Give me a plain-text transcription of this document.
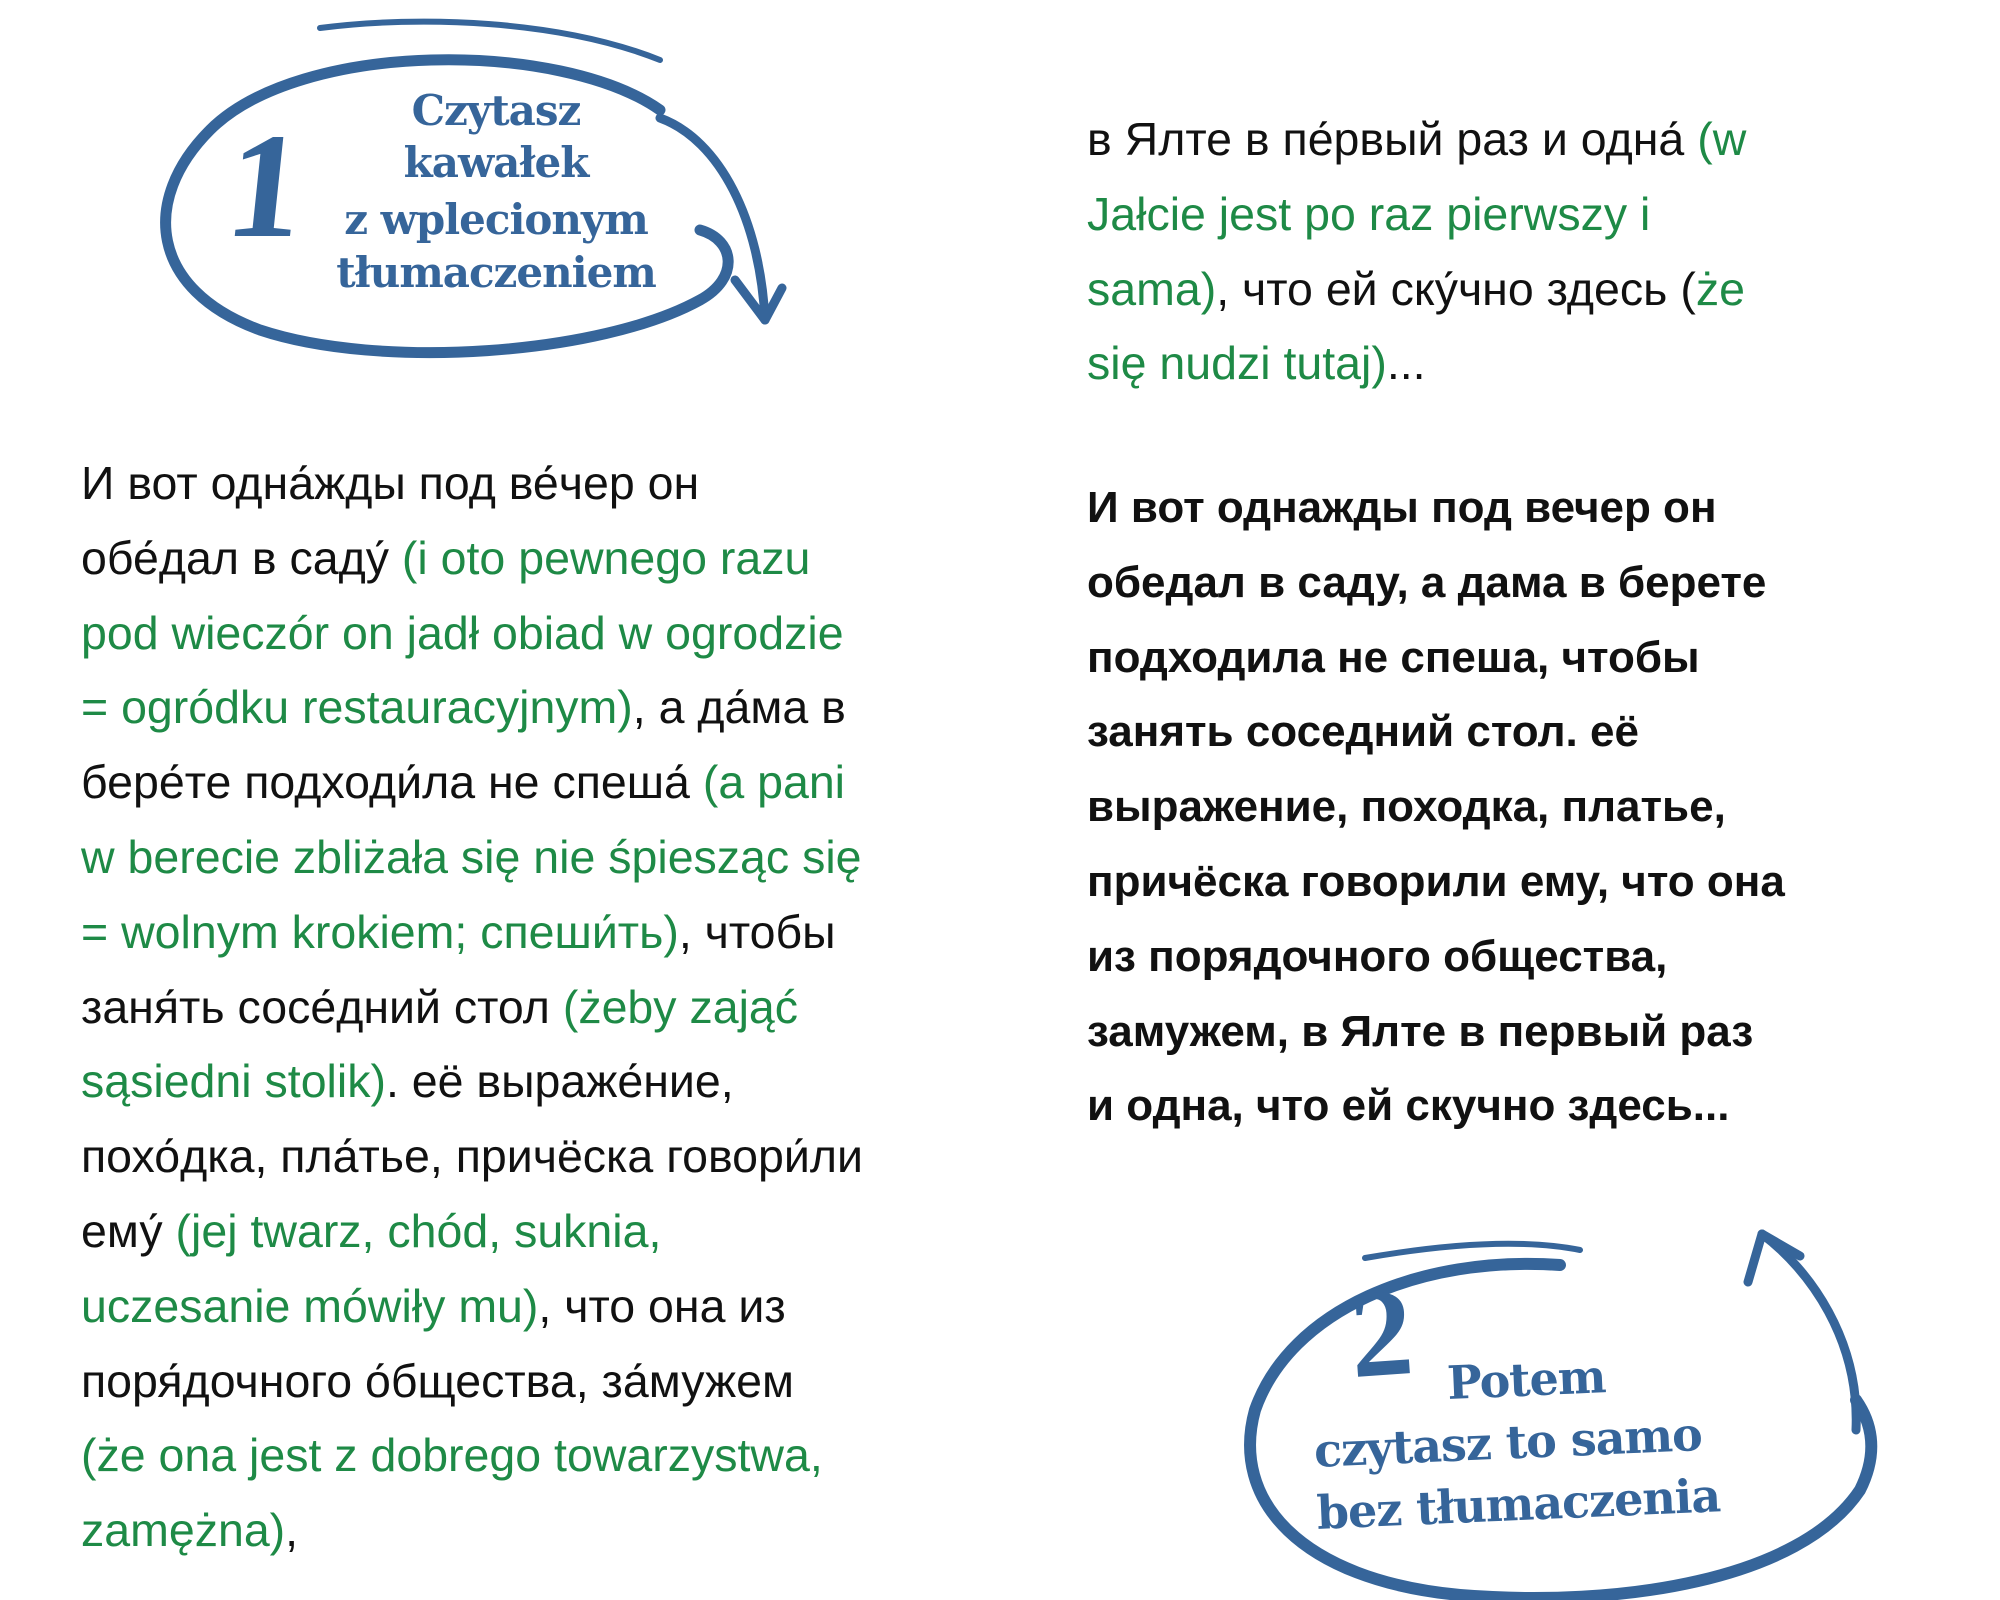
1 Czytasz
kawałek
z wplecionym
tłumaczeniem
2 Potem
czytasz to samo
bez tłumaczenia
И вот одна́жды под ве́чер он
обе́дал в саду́ (i oto pewnego razu
pod wieczór on jadł obiad w ogrodzie
= ogródku restauracyjnym), а да́ма в
бере́те подходи́ла не спеша́ (a pani
w berecie zbliżała się nie śpiesząc się
= wolnym krokiem; спеши́ть), чтобы
заня́ть сосе́дний стол (żeby zająć
sąsiedni stolik). её выраже́ние,
похо́дка, пла́тье, причёска говори́ли
ему́ (jej twarz, chód, suknia,
uczesanie mówiły mu), что она из
поря́дочного о́бщества, за́мужем
(że ona jest z dobrego towarzystwa,
zamężna),
в Ялте в пе́рвый раз и одна́ (w
Jałcie jest po raz pierwszy i
sama), что ей ску́чно здесь (że
się nudzi tutaj)...
И вот однажды под вечер он
обедал в саду, а дама в берете
подходила не спеша, чтобы
занять соседний стол. её
выражение, походка, платье,
причёска говорили ему, что она
из порядочного общества,
замужем, в Ялте в первый раз
и одна, что ей скучно здесь...
